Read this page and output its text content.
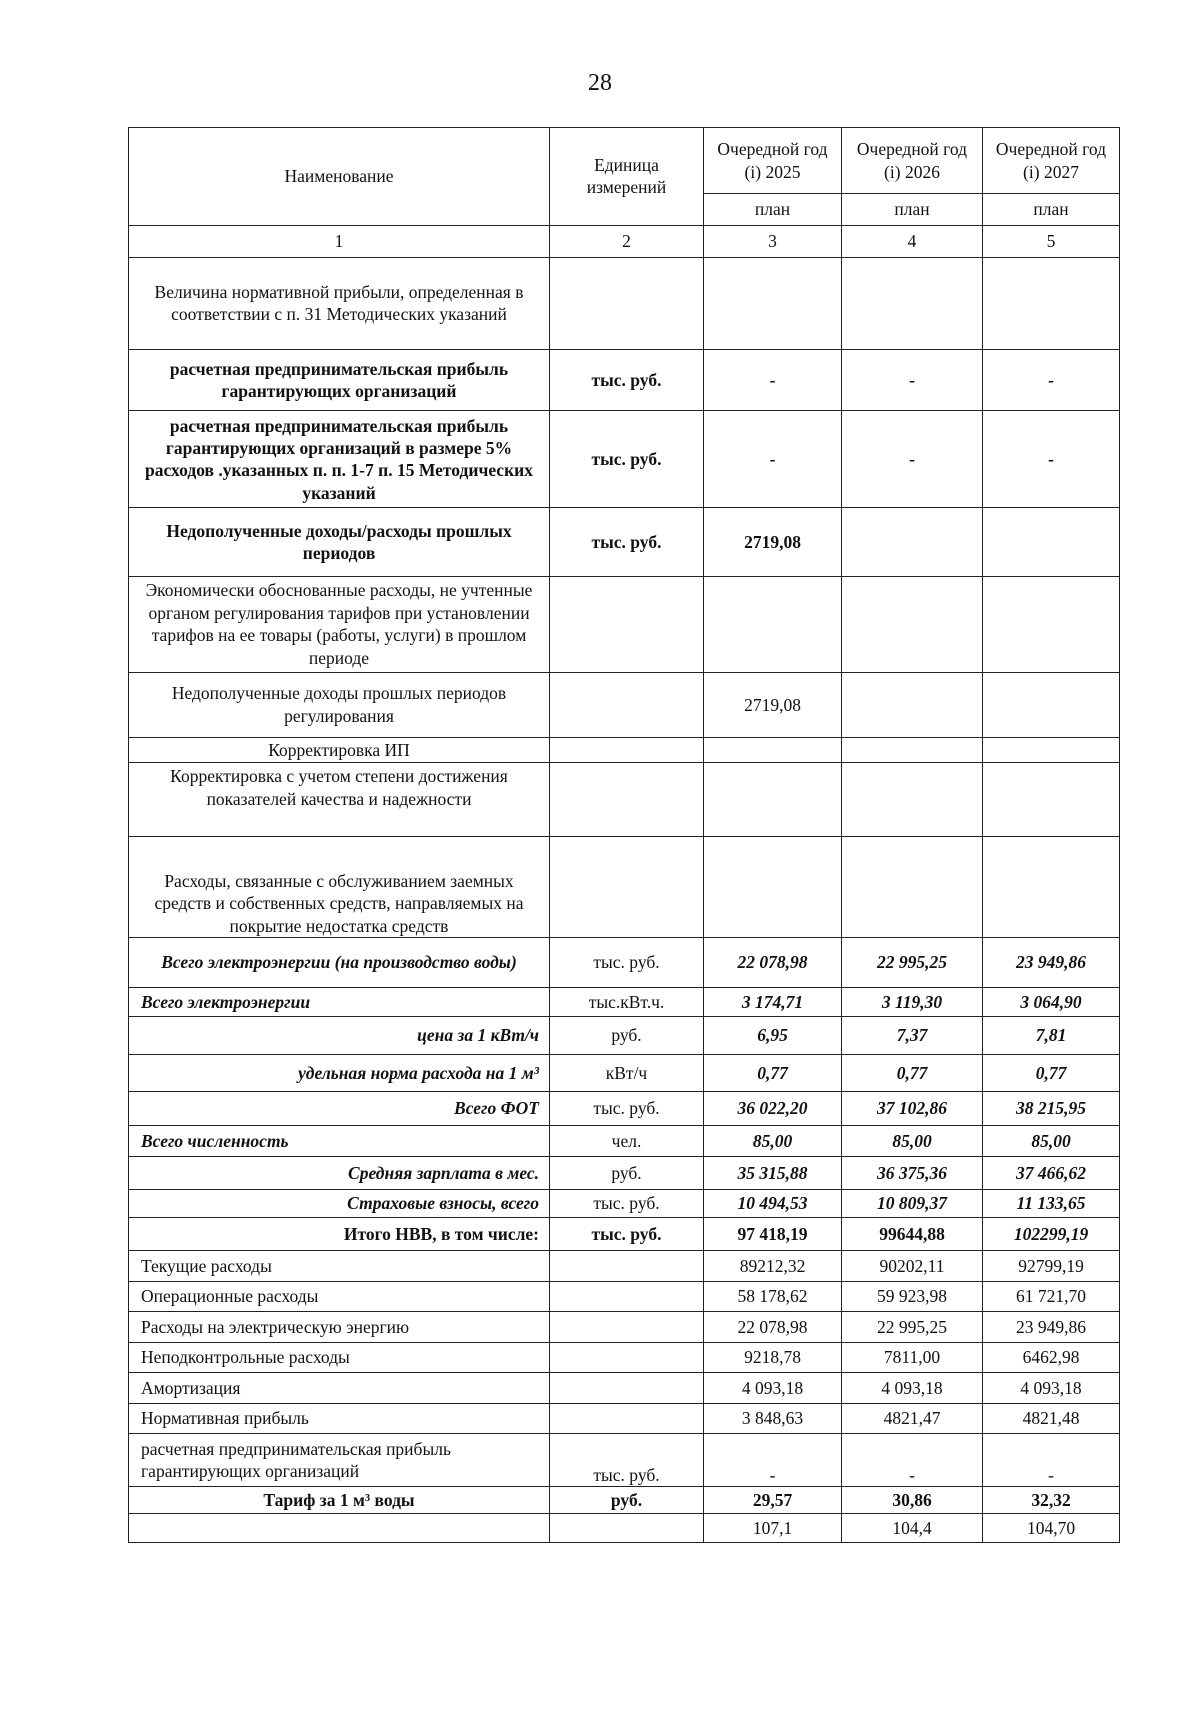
28
Наименование	Единица измерений	Очередной год (i) 2025	Очередной год (i) 2026	Очередной год (i) 2027
		план	план	план
1	2	3	4	5
Величина нормативной прибыли, определенная в соответствии с п. 31 Методических указаний				
расчетная предпринимательская прибыль гарантирующих организаций	тыс. руб.	-	-	-
расчетная предпринимательская прибыль гарантирующих организаций в размере 5% расходов .указанных п. п. 1-7 п. 15 Методических указаний	тыс. руб.	-	-	-
Недополученные доходы/расходы прошлых периодов	тыс. руб.	2719,08		
Экономически обоснованные расходы, не учтенные органом регулирования тарифов при установлении тарифов на ее товары (работы, услуги) в прошлом периоде				
Недополученные доходы прошлых периодов регулирования		2719,08		
Корректировка ИП				
Корректировка с учетом степени достижения показателей качества и надежности				
Расходы, связанные с обслуживанием заемных средств и собственных средств, направляемых на покрытие недостатка средств				
Всего электроэнергии (на производство воды)	тыс. руб.	22 078,98	22 995,25	23 949,86
Всего электроэнергии	тыс.кВт.ч.	3 174,71	3 119,30	3 064,90
цена за 1 кВт/ч	руб.	6,95	7,37	7,81
удельная норма расхода на 1 м³	кВт/ч	0,77	0,77	0,77
Всего ФОТ	тыс. руб.	36 022,20	37 102,86	38 215,95
Всего численность	чел.	85,00	85,00	85,00
Средняя зарплата в мес.	руб.	35 315,88	36 375,36	37 466,62
Страховые взносы, всего	тыс. руб.	10 494,53	10 809,37	11 133,65
Итого НВВ, в том числе:	тыс. руб.	97 418,19	99644,88	102299,19
Текущие расходы		89212,32	90202,11	92799,19
Операционные расходы		58 178,62	59 923,98	61 721,70
Расходы на электрическую энергию		22 078,98	22 995,25	23 949,86
Неподконтрольные расходы		9218,78	7811,00	6462,98
Амортизация		4 093,18	4 093,18	4 093,18
Нормативная прибыль		3 848,63	4821,47	4821,48
расчетная предпринимательская прибыль гарантирующих организаций	тыс. руб.	-	-	-
Тариф за 1 м³ воды	руб.	29,57	30,86	32,32
		107,1	104,4	104,70
